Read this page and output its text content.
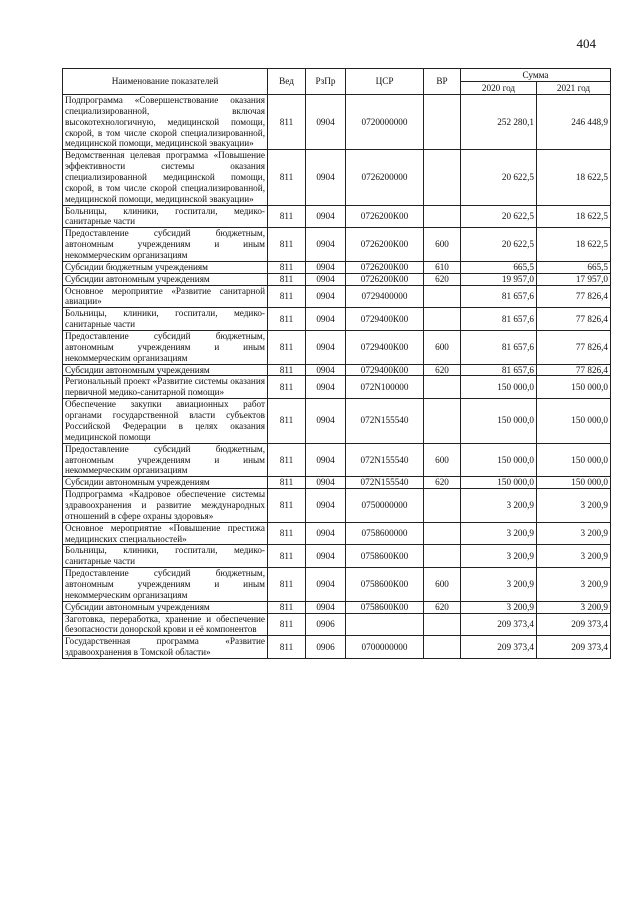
404
Наименование показателей	Вед	РзПр	ЦСР	ВР	Сумма	
					2020 год	2021 год
Подпрограмма «Совершенствование оказания специализированной, включая высокотехнологичную, медицинской помощи, скорой, в том числе скорой специализированной, медицинской помощи, медицинской эвакуации»	811	0904	0720000000		252 280,1	246 448,9
Ведомственная целевая программа «Повышение эффективности системы оказания специализированной медицинской помощи, скорой, в том числе скорой специализированной, медицинской помощи, медицинской эвакуации»	811	0904	0726200000		20 622,5	18 622,5
Больницы, клиники, госпитали, медико-санитарные части	811	0904	0726200К00		20 622,5	18 622,5
Предоставление субсидий бюджетным, автономным учреждениям и иным некоммерческим организациям	811	0904	0726200К00	600	20 622,5	18 622,5
Субсидии бюджетным учреждениям	811	0904	0726200К00	610	665,5	665,5
Субсидии автономным учреждениям	811	0904	0726200К00	620	19 957,0	17 957,0
Основное мероприятие «Развитие санитарной авиации»	811	0904	0729400000		81 657,6	77 826,4
Больницы, клиники, госпитали, медико-санитарные части	811	0904	0729400К00		81 657,6	77 826,4
Предоставление субсидий бюджетным, автономным учреждениям и иным некоммерческим организациям	811	0904	0729400К00	600	81 657,6	77 826,4
Субсидии автономным учреждениям	811	0904	0729400К00	620	81 657,6	77 826,4
Региональный проект «Развитие системы оказания первичной медико-санитарной помощи»	811	0904	072N100000		150 000,0	150 000,0
Обеспечение закупки авиационных работ органами государственной власти субъектов Российской Федерации в целях оказания медицинской помощи	811	0904	072N155540		150 000,0	150 000,0
Предоставление субсидий бюджетным, автономным учреждениям и иным некоммерческим организациям	811	0904	072N155540	600	150 000,0	150 000,0
Субсидии автономным учреждениям	811	0904	072N155540	620	150 000,0	150 000,0
Подпрограмма «Кадровое обеспечение системы здравоохранения и развитие международных отношений в сфере охраны здоровья»	811	0904	0750000000		3 200,9	3 200,9
Основное мероприятие «Повышение престижа медицинских специальностей»	811	0904	0758600000		3 200,9	3 200,9
Больницы, клиники, госпитали, медико-санитарные части	811	0904	0758600К00		3 200,9	3 200,9
Предоставление субсидий бюджетным, автономным учреждениям и иным некоммерческим организациям	811	0904	0758600К00	600	3 200,9	3 200,9
Субсидии автономным учреждениям	811	0904	0758600К00	620	3 200,9	3 200,9
Заготовка, переработка, хранение и обеспечение безопасности донорской крови и её компонентов	811	0906			209 373,4	209 373,4
Государственная программа «Развитие здравоохранения в Томской области»	811	0906	0700000000		209 373,4	209 373,4
